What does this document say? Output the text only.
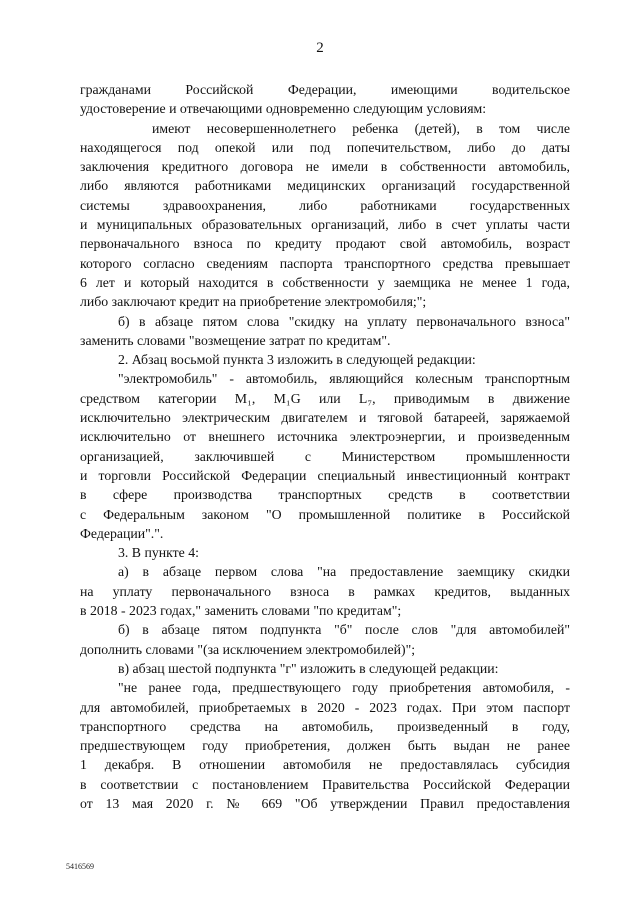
2
гражданами Российской Федерации, имеющими водительское
удостоверение и отвечающими одновременно следующим условиям:
имеют несовершеннолетнего ребенка (детей), в том числе
находящегося под опекой или под попечительством, либо до даты
заключения кредитного договора не имели в собственности автомобиль,
либо являются работниками медицинских организаций государственной
системы здравоохранения, либо работниками государственных
и муниципальных образовательных организаций, либо в счет уплаты части
первоначального взноса по кредиту продают свой автомобиль, возраст
которого согласно сведениям паспорта транспортного средства превышает
6 лет и который находится в собственности у заемщика не менее 1 года,
либо заключают кредит на приобретение электромобиля;";
б) в абзаце пятом слова "скидку на уплату первоначального взноса"
заменить словами "возмещение затрат по кредитам".
2. Абзац восьмой пункта 3 изложить в следующей редакции:
"электромобиль" - автомобиль, являющийся колесным транспортным
средством категории M₁, M₁G или L₇, приводимым в движение
исключительно электрическим двигателем и тяговой батареей, заряжаемой
исключительно от внешнего источника электроэнергии, и произведенным
организацией, заключившей с Министерством промышленности
и торговли Российской Федерации специальный инвестиционный контракт
в сфере производства транспортных средств в соответствии
с Федеральным законом "О промышленной политике в Российской
Федерации".".
3. В пункте 4:
а) в абзаце первом слова "на предоставление заемщику скидки
на уплату первоначального взноса в рамках кредитов, выданных
в 2018 - 2023 годах," заменить словами "по кредитам";
б) в абзаце пятом подпункта "б" после слов "для автомобилей"
дополнить словами "(за исключением электромобилей)";
в) абзац шестой подпункта "г" изложить в следующей редакции:
"не ранее года, предшествующего году приобретения автомобиля, -
для автомобилей, приобретаемых в 2020 - 2023 годах. При этом паспорт
транспортного средства на автомобиль, произведенный в году,
предшествующем году приобретения, должен быть выдан не ранее
1 декабря. В отношении автомобиля не предоставлялась субсидия
в соответствии с постановлением Правительства Российской Федерации
от 13 мая 2020 г. № 669 "Об утверждении Правил предоставления
5416569
